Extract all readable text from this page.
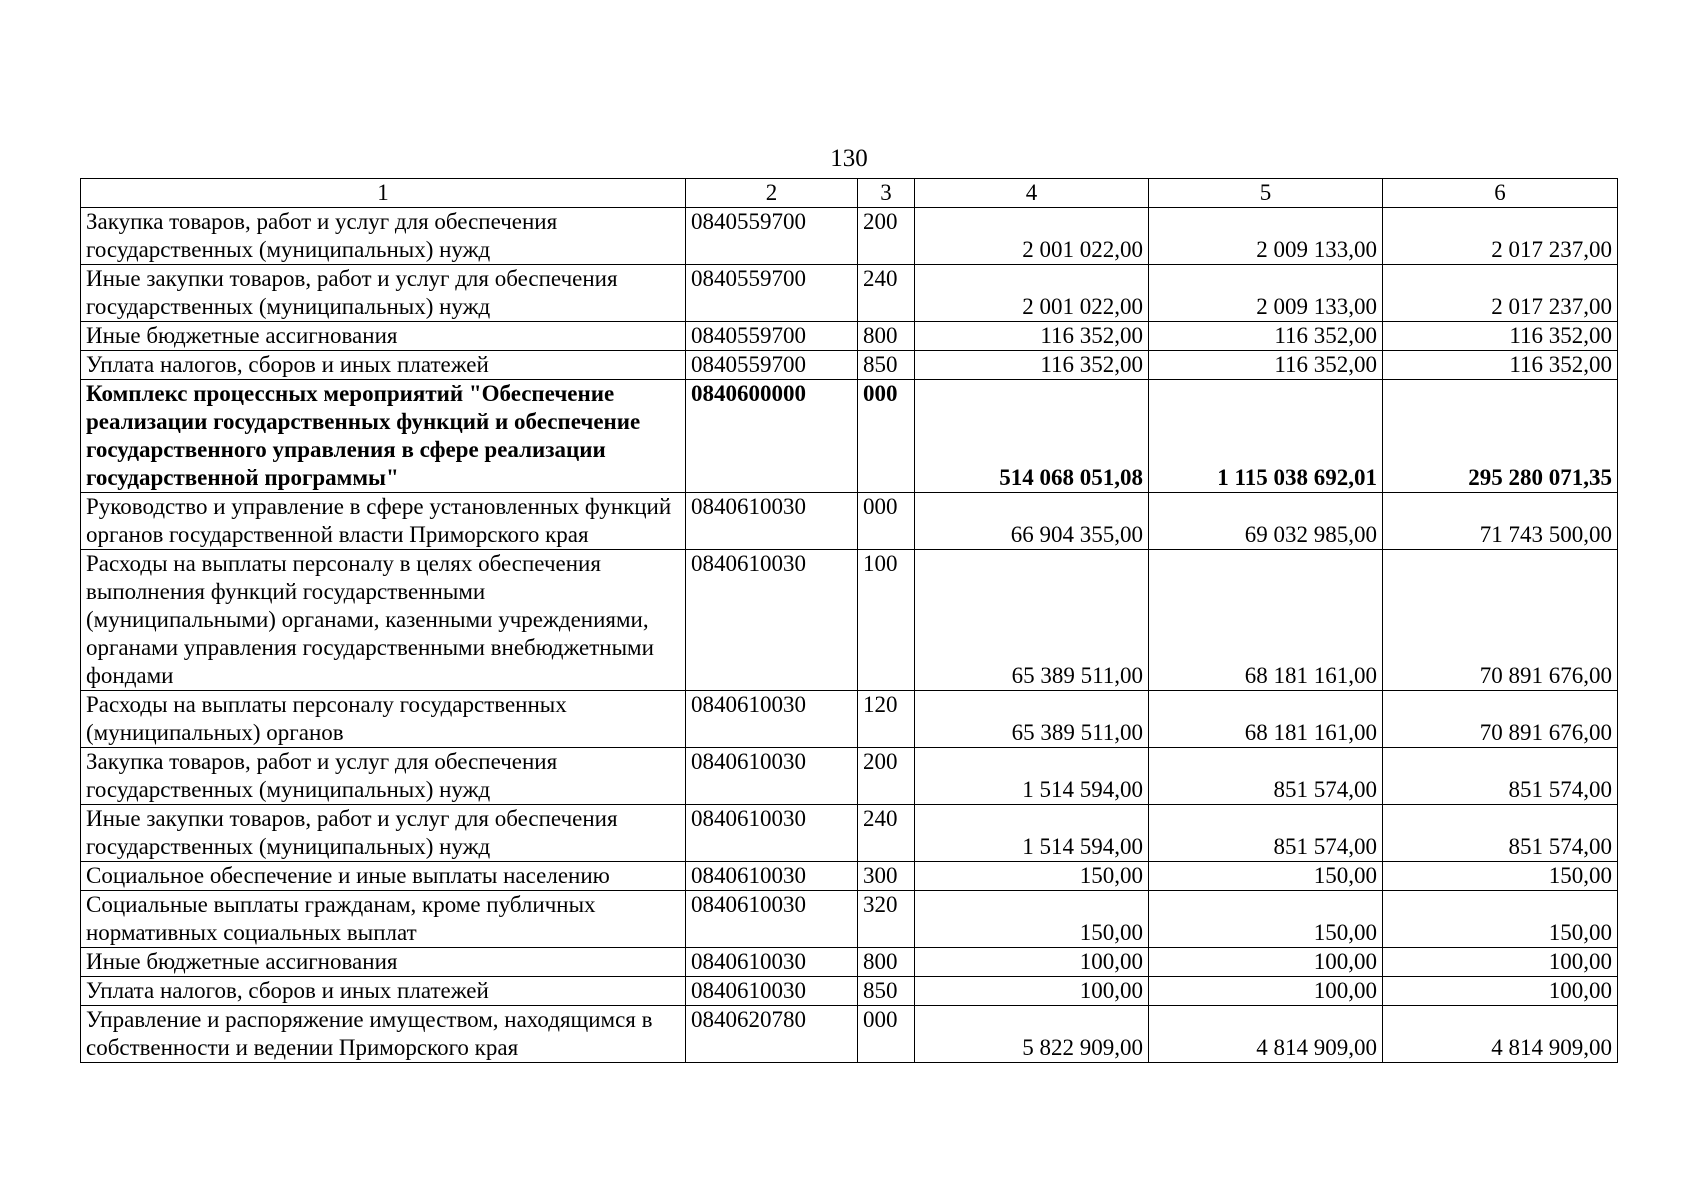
130
1	2	3	4	5	6
Закупка товаров, работ и услуг для обеспечения государственных (муниципальных) нужд	0840559700	200	2 001 022,00	2 009 133,00	2 017 237,00
Иные закупки товаров, работ и услуг для обеспечения государственных (муниципальных) нужд	0840559700	240	2 001 022,00	2 009 133,00	2 017 237,00
Иные бюджетные ассигнования	0840559700	800	116 352,00	116 352,00	116 352,00
Уплата налогов, сборов и иных платежей	0840559700	850	116 352,00	116 352,00	116 352,00
Комплекс процессных мероприятий "Обеспечение реализации государственных функций и обеспечение государственного управления в сфере реализации государственной программы"	0840600000	000	514 068 051,08	1 115 038 692,01	295 280 071,35
Руководство и управление в сфере установленных функций органов государственной власти Приморского края	0840610030	000	66 904 355,00	69 032 985,00	71 743 500,00
Расходы на выплаты персоналу в целях обеспечения выполнения функций государственными (муниципальными) органами, казенными учреждениями, органами управления государственными внебюджетными фондами	0840610030	100	65 389 511,00	68 181 161,00	70 891 676,00
Расходы на выплаты персоналу государственных (муниципальных) органов	0840610030	120	65 389 511,00	68 181 161,00	70 891 676,00
Закупка товаров, работ и услуг для обеспечения государственных (муниципальных) нужд	0840610030	200	1 514 594,00	851 574,00	851 574,00
Иные закупки товаров, работ и услуг для обеспечения государственных (муниципальных) нужд	0840610030	240	1 514 594,00	851 574,00	851 574,00
Социальное обеспечение и иные выплаты населению	0840610030	300	150,00	150,00	150,00
Социальные выплаты гражданам, кроме публичных нормативных социальных выплат	0840610030	320	150,00	150,00	150,00
Иные бюджетные ассигнования	0840610030	800	100,00	100,00	100,00
Уплата налогов, сборов и иных платежей	0840610030	850	100,00	100,00	100,00
Управление и распоряжение имуществом, находящимся в собственности и ведении Приморского края	0840620780	000	5 822 909,00	4 814 909,00	4 814 909,00
